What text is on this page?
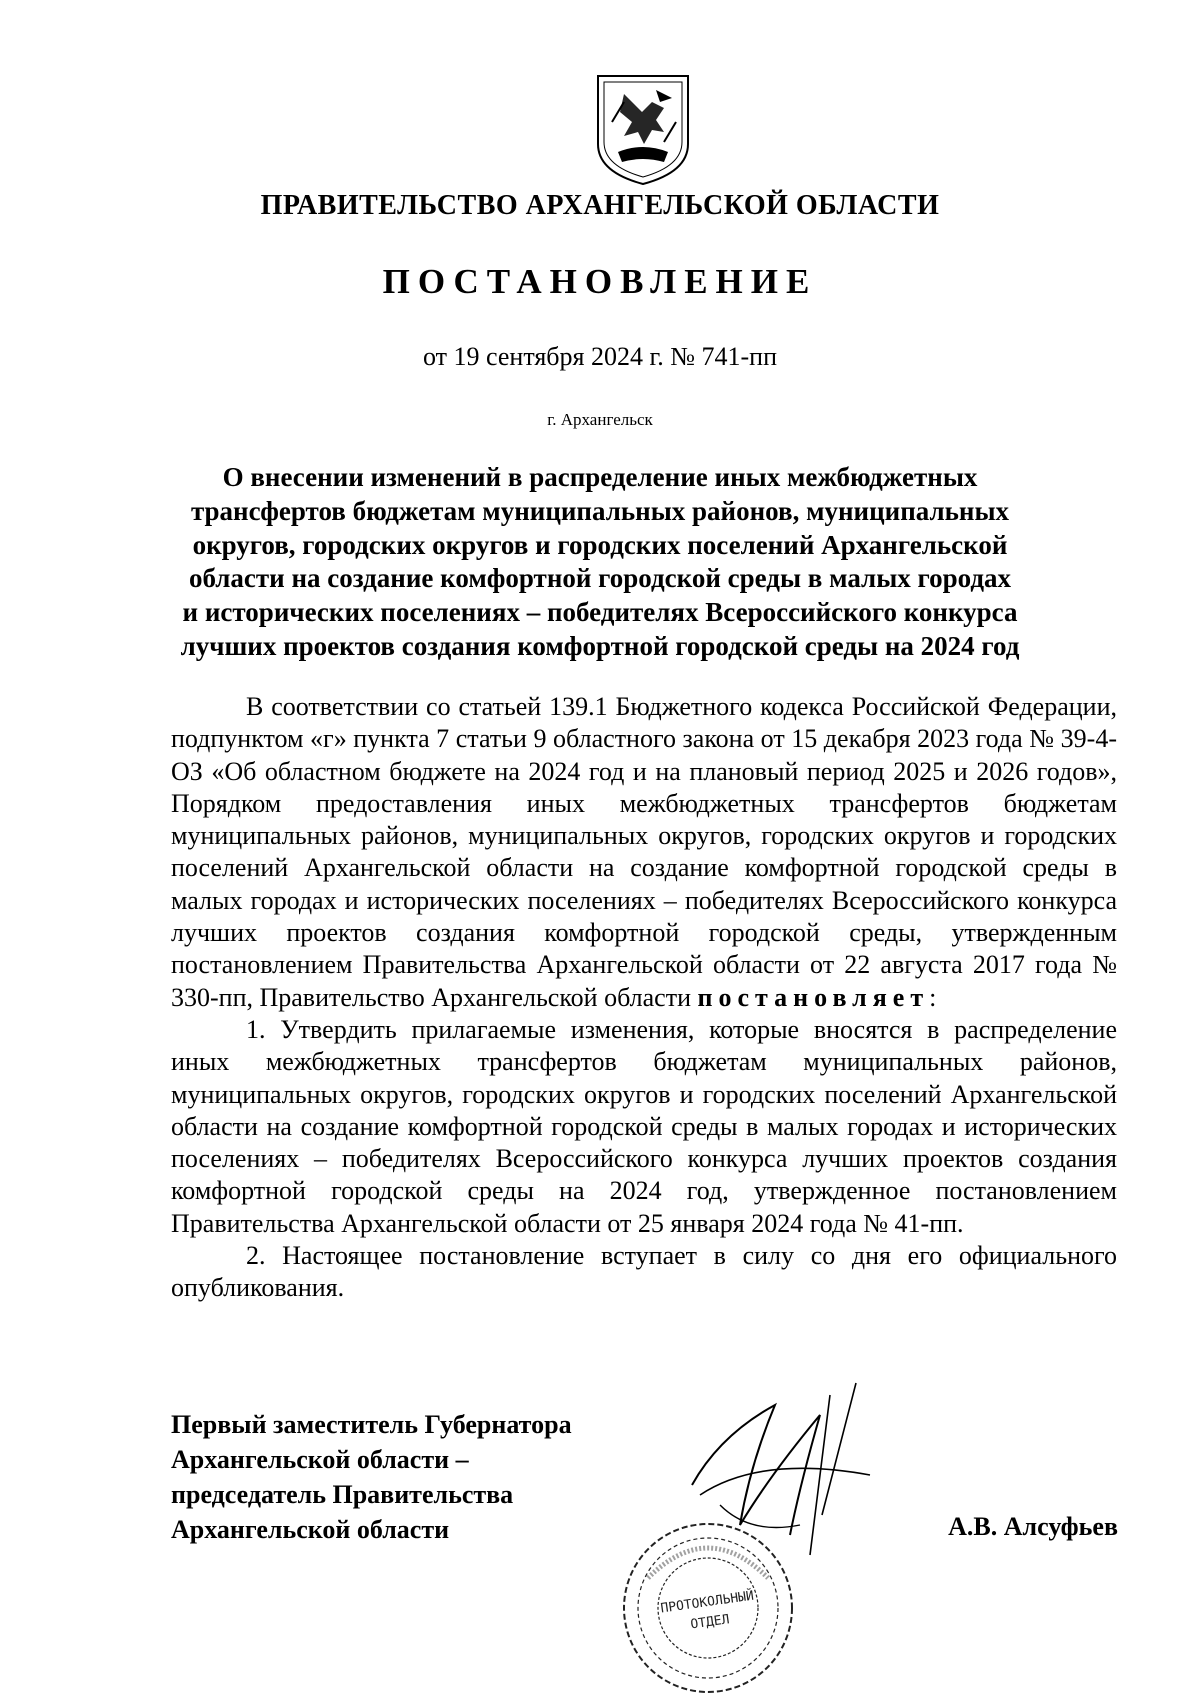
ПРАВИТЕЛЬСТВО АРХАНГЕЛЬСКОЙ ОБЛАСТИ
ПОСТАНОВЛЕНИЕ
от 19 сентября 2024 г. № 741-пп
г. Архангельск
О внесении изменений в распределение иных межбюджетных
трансфертов бюджетам муниципальных районов, муниципальных
округов, городских округов и городских поселений Архангельской
области на создание комфортной городской среды в малых городах
и исторических поселениях – победителях Всероссийского конкурса
лучших проектов создания комфортной городской среды на 2024 год

В соответствии со статьей 139.1 Бюджетного кодекса Российской Федерации, подпунктом «г» пункта 7 статьи 9 областного закона от 15 декабря 2023 года № 39-4-ОЗ «Об областном бюджете на 2024 год и на плановый период 2025 и 2026 годов», Порядком предоставления иных межбюджетных трансфертов бюджетам муниципальных районов, муниципальных округов, городских округов и городских поселений Архангельской области на создание комфортной городской среды в малых городах и исторических поселениях – победителях Всероссийского конкурса лучших проектов создания комфортной городской среды, утвержденным постановлением Правительства Архангельской области от 22 августа 2017 года № 330-пп, Правительство Архангельской области постановляет:

1. Утвердить прилагаемые изменения, которые вносятся в распределение иных межбюджетных трансфертов бюджетам муниципальных районов, муниципальных округов, городских округов и городских поселений Архангельской области на создание комфортной городской среды в малых городах и исторических поселениях – победителях Всероссийского конкурса лучших проектов создания комфортной городской среды на 2024 год, утвержденное постановлением Правительства Архангельской области от 25 января 2024 года № 41-пп.

2. Настоящее постановление вступает в силу со дня его официального опубликования.

Первый заместитель Губернатора
Архангельской области –
председатель Правительства
Архангельской области	А.В. Алсуфьев
ПРОТОКОЛЬНЫЙ
ОТДЕЛ
